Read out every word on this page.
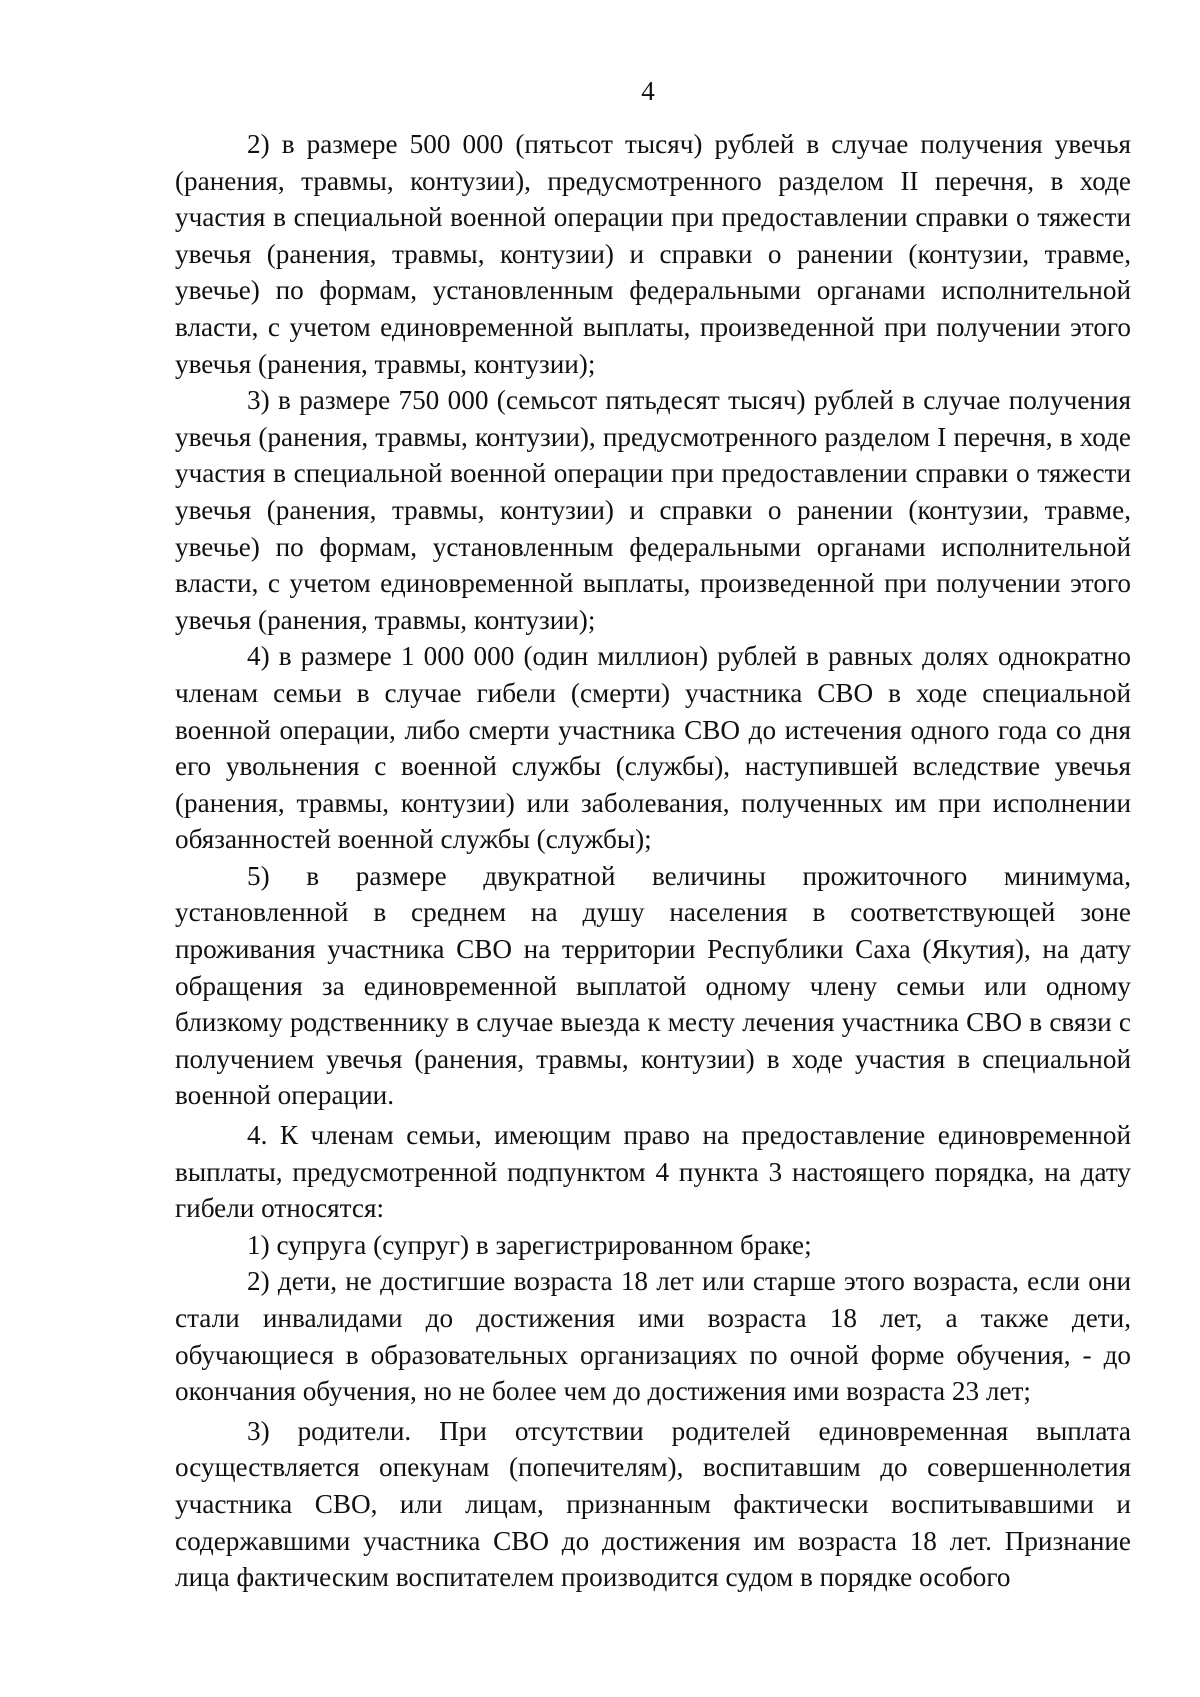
4

2) в размере 500 000 (пятьсот тысяч) рублей в случае получения увечья (ранения, травмы, контузии), предусмотренного разделом II перечня, в ходе участия в специальной военной операции при предоставлении справки о тяжести увечья (ранения, травмы, контузии) и справки о ранении (контузии, травме, увечье) по формам, установленным федеральными органами исполнительной власти, с учетом единовременной выплаты, произведенной при получении этого увечья (ранения, травмы, контузии);

3) в размере 750 000 (семьсот пятьдесят тысяч) рублей в случае получения увечья (ранения, травмы, контузии), предусмотренного разделом I перечня, в ходе участия в специальной военной операции при предоставлении справки о тяжести увечья (ранения, травмы, контузии) и справки о ранении (контузии, травме, увечье) по формам, установленным федеральными органами исполнительной власти, с учетом единовременной выплаты, произведенной при получении этого увечья (ранения, травмы, контузии);

4) в размере 1 000 000 (один миллион) рублей в равных долях однократно членам семьи в случае гибели (смерти) участника СВО в ходе специальной военной операции, либо смерти участника СВО до истечения одного года со дня его увольнения с военной службы (службы), наступившей вследствие увечья (ранения, травмы, контузии) или заболевания, полученных им при исполнении обязанностей военной службы (службы);

5) в размере двукратной величины прожиточного минимума, установленной в среднем на душу населения в соответствующей зоне проживания участника СВО на территории Республики Саха (Якутия), на дату обращения за единовременной выплатой одному члену семьи или одному близкому родственнику в случае выезда к месту лечения участника СВО в связи с получением увечья (ранения, травмы, контузии) в ходе участия в специальной военной операции.

4. К членам семьи, имеющим право на предоставление единовременной выплаты, предусмотренной подпунктом 4 пункта 3 настоящего порядка, на дату гибели относятся:

1) супруга (супруг) в зарегистрированном браке;

2) дети, не достигшие возраста 18 лет или старше этого возраста, если они стали инвалидами до достижения ими возраста 18 лет, а также дети, обучающиеся в образовательных организациях по очной форме обучения, - до окончания обучения, но не более чем до достижения ими возраста 23 лет;

3) родители. При отсутствии родителей единовременная выплата осуществляется опекунам (попечителям), воспитавшим до совершеннолетия участника СВО, или лицам, признанным фактически воспитывавшими и содержавшими участника СВО до достижения им возраста 18 лет. Признание лица фактическим воспитателем производится судом в порядке особого
